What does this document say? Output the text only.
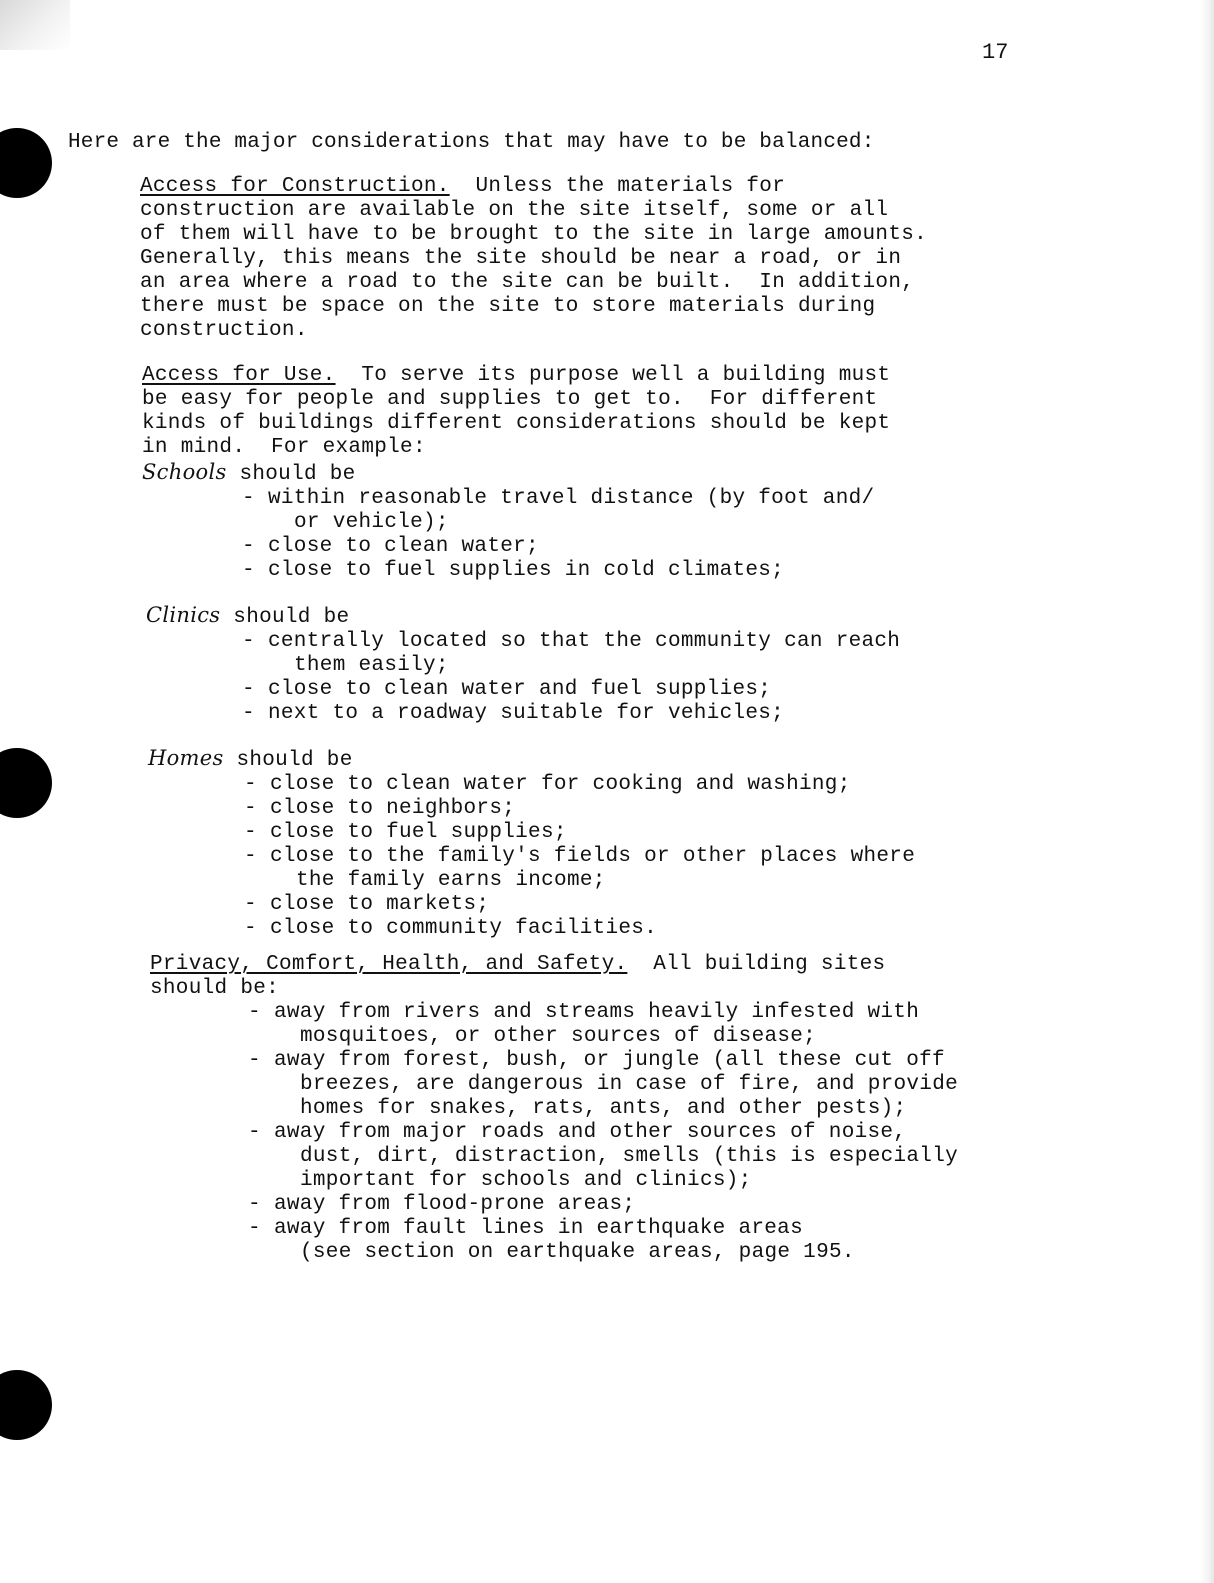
17
Here are the major considerations that may have to be balanced:
Access for Construction.  Unless the materials for
construction are available on the site itself, some or all
of them will have to be brought to the site in large amounts.
Generally, this means the site should be near a road, or in
an area where a road to the site can be built.  In addition,
there must be space on the site to store materials during
construction.
Access for Use.  To serve its purpose well a building must
be easy for people and supplies to get to.  For different
kinds of buildings different considerations should be kept
in mind.  For example:
Schools should be
- within reasonable travel distance (by foot and/
or vehicle);
- close to clean water;
- close to fuel supplies in cold climates;
Clinics should be
- centrally located so that the community can reach
them easily;
- close to clean water and fuel supplies;
- next to a roadway suitable for vehicles;
Homes should be
- close to clean water for cooking and washing;
- close to neighbors;
- close to fuel supplies;
- close to the family's fields or other places where
the family earns income;
- close to markets;
- close to community facilities.
Privacy, Comfort, Health, and Safety.  All building sites
should be:
- away from rivers and streams heavily infested with
mosquitoes, or other sources of disease;
- away from forest, bush, or jungle (all these cut off
breezes, are dangerous in case of fire, and provide
homes for snakes, rats, ants, and other pests);
- away from major roads and other sources of noise,
dust, dirt, distraction, smells (this is especially
important for schools and clinics);
- away from flood-prone areas;
- away from fault lines in earthquake areas
(see section on earthquake areas, page 195.
